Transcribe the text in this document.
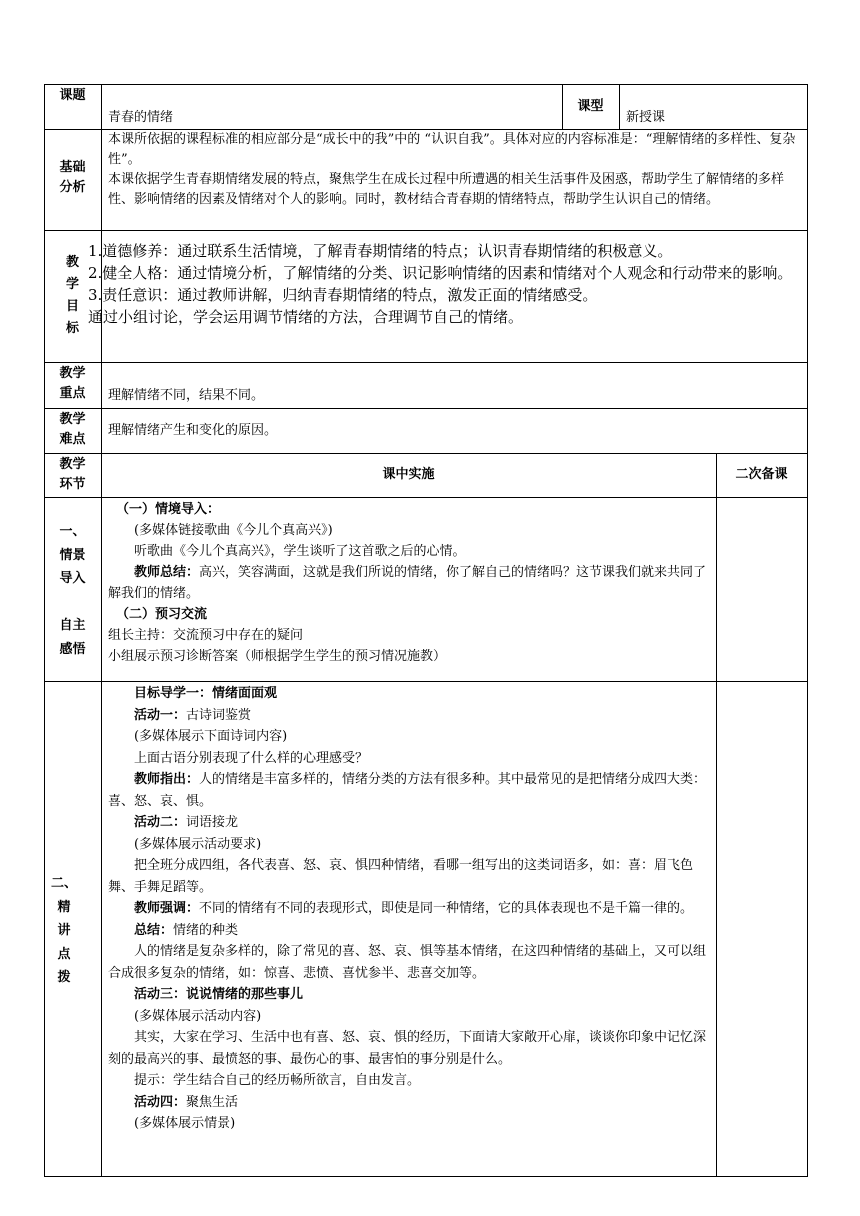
课题
青春的情绪
课型
新授课
基础
分析

本课所依据的课程标准的相应部分是“成长中的我”中的 “认识自我”。具体对应的内容标准是：“理解情绪的多样性、复杂性”。

本课依据学生青春期情绪发展的特点，聚焦学生在成长过程中所遭遇的相关生活事件及困惑，帮助学生了解情绪的多样性、影响情绪的因素及情绪对个人的影响。同时，教材结合青春期的情绪特点，帮助学生认识自己的情绪。

教
学
目
标

1.道德修养：通过联系生活情境，了解青春期情绪的特点；认识青春期情绪的积极意义。

2.健全人格：通过情境分析，了解情绪的分类、识记影响情绪的因素和情绪对个人观念和行动带来的影响。

3.责任意识：通过教师讲解，归纳青春期情绪的特点，激发正面的情绪感受。

通过小组讨论，学会运用调节情绪的方法，合理调节自己的情绪。

教学
重点	理解情绪不同，结果不同。
教学
难点
理解情绪产生和变化的原因。
教学
环节
课中实施	二次备课
一、
情景
导入
自主
感悟

（一）情境导入：

(多媒体链接歌曲《今儿个真高兴》)

听歌曲《今儿个真高兴》，学生谈听了这首歌之后的心情。

教师总结：高兴，笑容满面，这就是我们所说的情绪，你了解自己的情绪吗？这节课我们就来共同了解我们的情绪。

（二）预习交流

组长主持：交流预习中存在的疑问

小组展示预习诊断答案（师根据学生学生的预习情况施教）

二、
精
讲
点
拨

目标导学一：情绪面面观

活动一：古诗词鉴赏

(多媒体展示下面诗词内容)

上面古语分别表现了什么样的心理感受？

教师指出：人的情绪是丰富多样的，情绪分类的方法有很多种。其中最常见的是把情绪分成四大类：喜、怒、哀、惧。

活动二：词语接龙

(多媒体展示活动要求)

把全班分成四组，各代表喜、怒、哀、惧四种情绪，看哪一组写出的这类词语多，如：喜：眉飞色舞、手舞足蹈等。

教师强调：不同的情绪有不同的表现形式，即使是同一种情绪，它的具体表现也不是千篇一律的。

总结：情绪的种类

人的情绪是复杂多样的，除了常见的喜、怒、哀、惧等基本情绪，在这四种情绪的基础上，又可以组合成很多复杂的情绪，如：惊喜、悲愤、喜忧参半、悲喜交加等。

活动三：说说情绪的那些事儿

(多媒体展示活动内容)

其实，大家在学习、生活中也有喜、怒、哀、惧的经历，下面请大家敞开心扉，谈谈你印象中记忆深刻的最高兴的事、最愤怒的事、最伤心的事、最害怕的事分别是什么。

提示：学生结合自己的经历畅所欲言，自由发言。

活动四：聚焦生活

(多媒体展示情景)
